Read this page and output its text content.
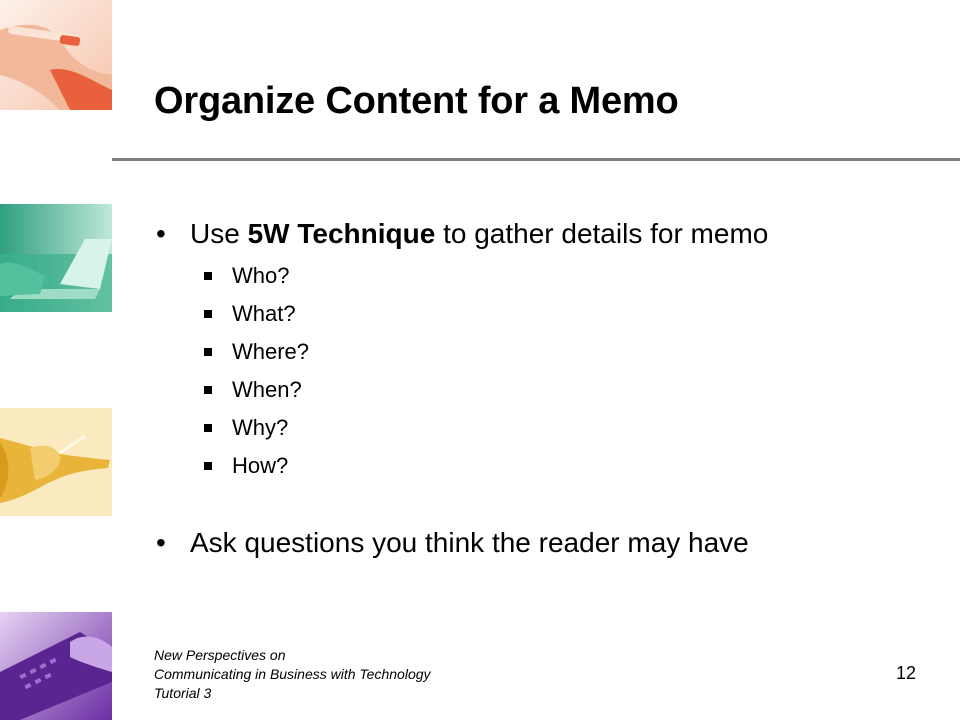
Organize Content for a Memo
• Use 5W Technique to gather details for memo
Who?
What?
Where?
When?
Why?
How?
• Ask questions you think the reader may have
New Perspectives on
Communicating in Business with Technology
Tutorial 3
12
